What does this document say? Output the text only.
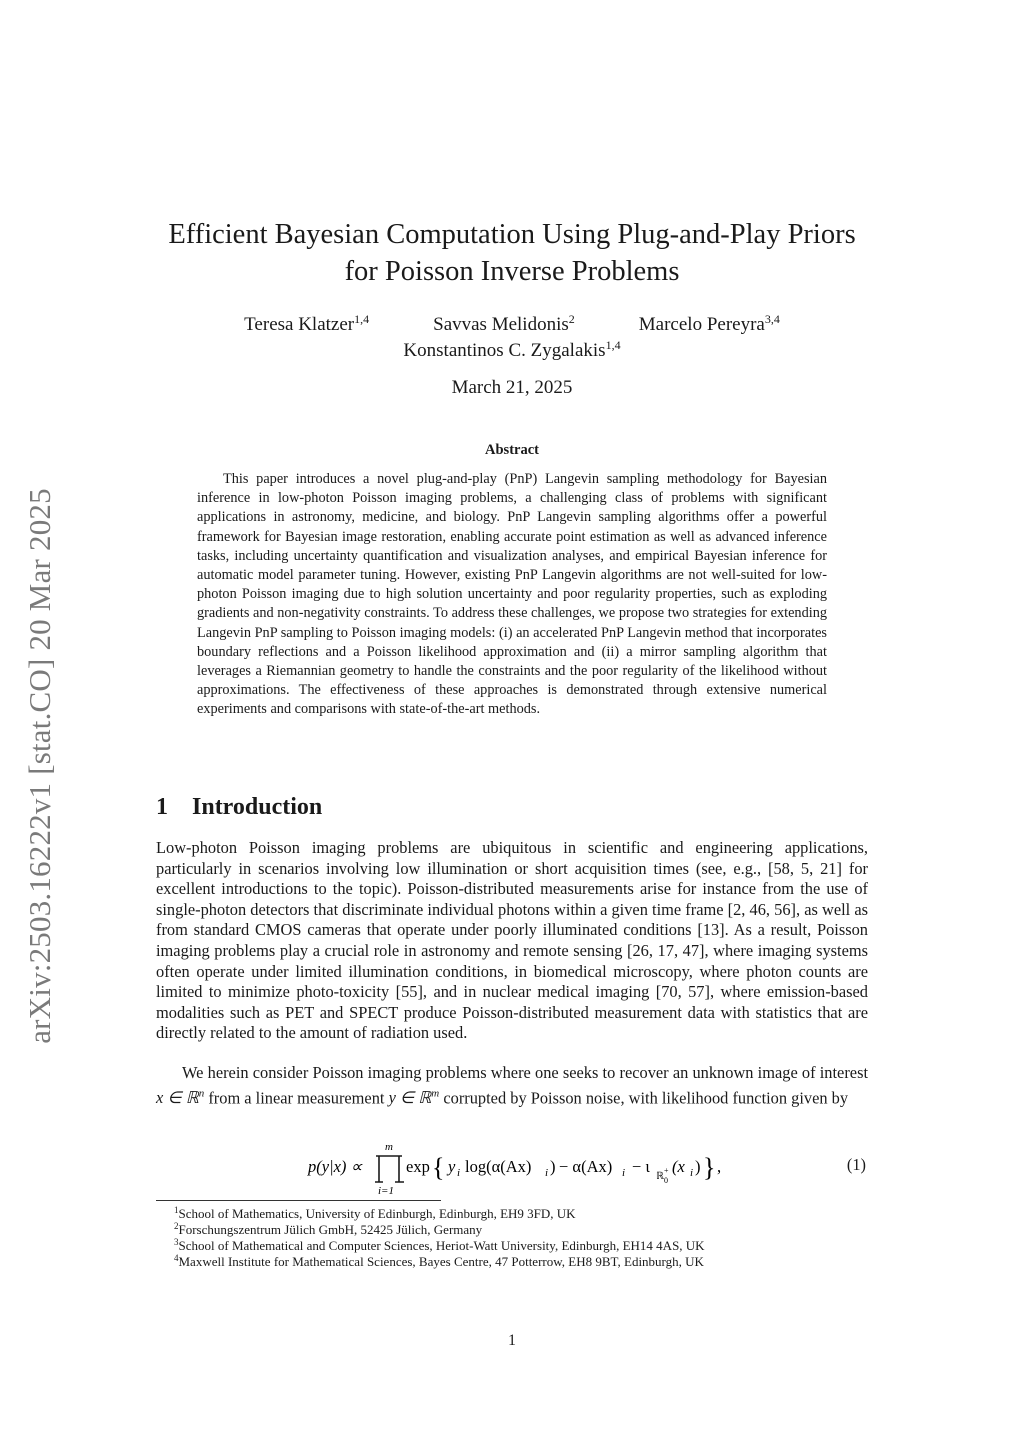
arXiv:2503.16222v1 [stat.CO] 20 Mar 2025
Efficient Bayesian Computation Using Plug-and-Play Priors
for Poisson Inverse Problems
Teresa Klatzer$^{1,4}$	Savvas Melidonis$^2$	Marcelo Pereyra$^{3,4}$
Konstantinos C. Zygalakis$^{1,4}$
March 21, 2025
Abstract

This paper introduces a novel plug-and-play (PnP) Langevin sampling methodology for Bayesian inference in low-photon Poisson imaging problems, a challenging class of problems with significant applications in astronomy, medicine, and biology. PnP Langevin sampling algorithms offer a powerful framework for Bayesian image restoration, enabling accurate point estimation as well as advanced inference tasks, including uncertainty quantification and visualization analyses, and empirical Bayesian inference for automatic model parameter tuning. However, existing PnP Langevin algorithms are not well-suited for low-photon Poisson imaging due to high solution uncertainty and poor regularity properties, such as exploding gradients and non-negativity constraints. To address these challenges, we propose two strategies for extending Langevin PnP sampling to Poisson imaging models: (i) an accelerated PnP Langevin method that incorporates boundary reflections and a Poisson likelihood approximation and (ii) a mirror sampling algorithm that leverages a Riemannian geometry to handle the constraints and the poor regularity of the likelihood without approximations. The effectiveness of these approaches is demonstrated through extensive numerical experiments and comparisons with state-of-the-art methods.

1 Introduction

Low-photon Poisson imaging problems are ubiquitous in scientific and engineering applications, particularly in scenarios involving low illumination or short acquisition times (see, e.g., [58, 5, 21] for excellent introductions to the topic). Poisson-distributed measurements arise for instance from the use of single-photon detectors that discriminate individual photons within a given time frame [2, 46, 56], as well as from standard CMOS cameras that operate under poorly illuminated conditions [13]. As a result, Poisson imaging problems play a crucial role in astronomy and remote sensing [26, 17, 47], where imaging systems often operate under limited illumination conditions, in biomedical microscopy, where photon counts are limited to minimize photo-toxicity [55], and in nuclear medical imaging [70, 57], where emission-based modalities such as PET and SPECT produce Poisson-distributed measurement data with statistics that are directly related to the amount of radiation used.

We herein consider Poisson imaging problems where one seeks to recover an unknown image of interest x ∈ ℝ$^n$ from a linear measurement y ∈ ℝ$^m$ corrupted by Poisson noise, with likelihood function given by

p(y|x) ∝
m
i=1
exp { y i log(α(Ax) i ) − α(Ax) i − ι
ℝ
+
0
(x i ) } ,	(1)
$^1$School of Mathematics, University of Edinburgh, Edinburgh, EH9 3FD, UK
$^2$Forschungszentrum Jülich GmbH, 52425 Jülich, Germany
$^3$School of Mathematical and Computer Sciences, Heriot-Watt University, Edinburgh, EH14 4AS, UK
$^4$Maxwell Institute for Mathematical Sciences, Bayes Centre, 47 Potterrow, EH8 9BT, Edinburgh, UK
1
